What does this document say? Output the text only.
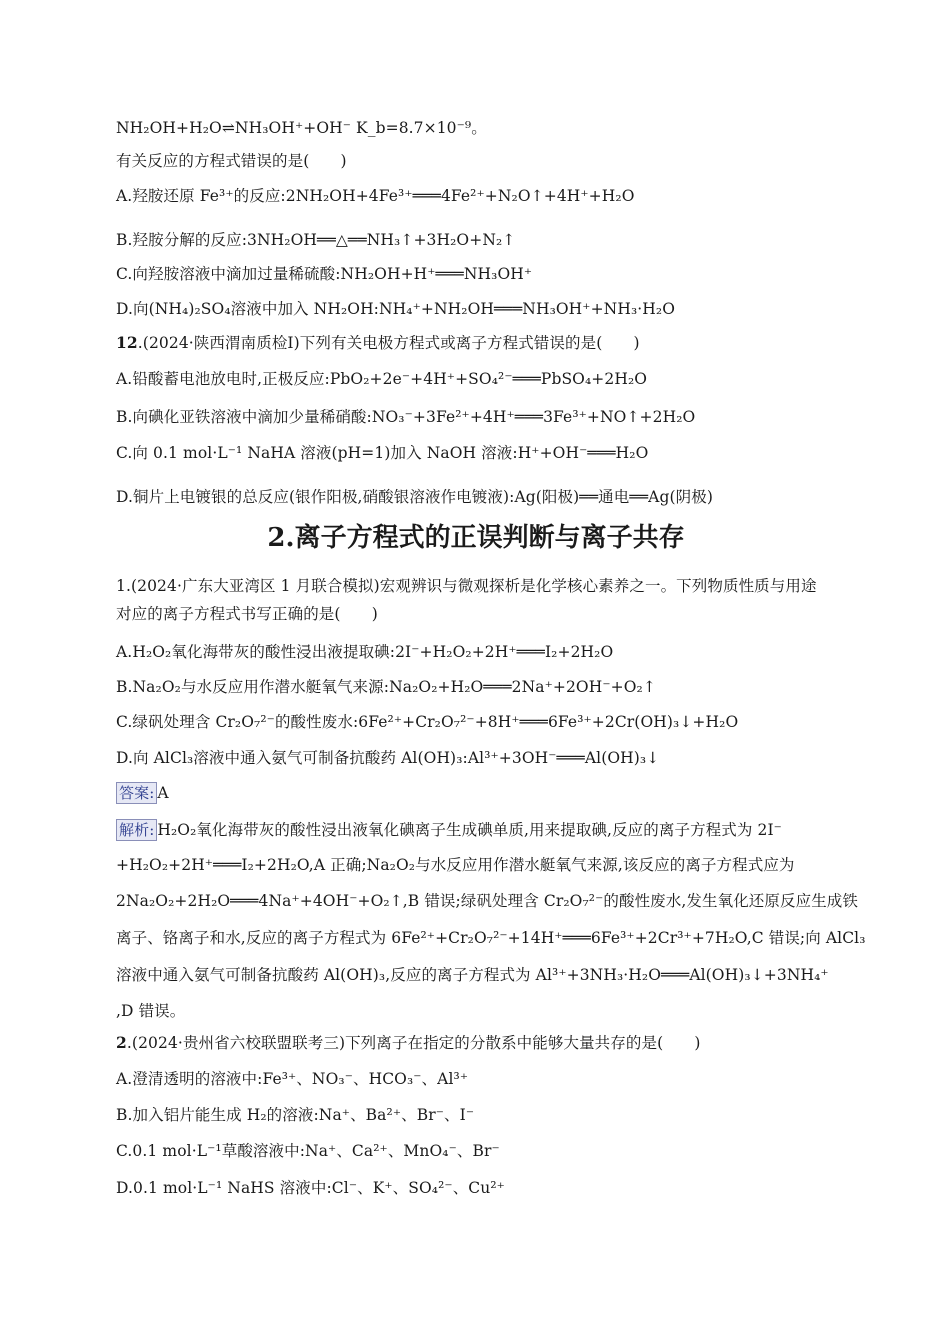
NH₂OH+H₂O⇌NH₃OH⁺+OH⁻ K_b=8.7×10⁻⁹。
有关反应的方程式错误的是(　　)
A.羟胺还原 Fe³⁺的反应:2NH₂OH+4Fe³⁺═══4Fe²⁺+N₂O↑+4H⁺+H₂O
B.羟胺分解的反应:3NH₂OH══△══NH₃↑+3H₂O+N₂↑
C.向羟胺溶液中滴加过量稀硫酸:NH₂OH+H⁺═══NH₃OH⁺
D.向(NH₄)₂SO₄溶液中加入 NH₂OH:NH₄⁺+NH₂OH═══NH₃OH⁺+NH₃·H₂O
12.(2024·陕西渭南质检Ⅰ)下列有关电极方程式或离子方程式错误的是(　　)
A.铅酸蓄电池放电时,正极反应:PbO₂+2e⁻+4H⁺+SO₄²⁻═══PbSO₄+2H₂O
B.向碘化亚铁溶液中滴加少量稀硝酸:NO₃⁻+3Fe²⁺+4H⁺═══3Fe³⁺+NO↑+2H₂O
C.向 0.1 mol·L⁻¹ NaHA 溶液(pH=1)加入 NaOH 溶液:H⁺+OH⁻═══H₂O
D.铜片上电镀银的总反应(银作阳极,硝酸银溶液作电镀液):Ag(阳极)══通电══Ag(阴极)
2.离子方程式的正误判断与离子共存
1.(2024·广东大亚湾区 1 月联合模拟)宏观辨识与微观探析是化学核心素养之一。下列物质性质与用途对应的离子方程式书写正确的是(　　)
A.H₂O₂氧化海带灰的酸性浸出液提取碘:2I⁻+H₂O₂+2H⁺═══I₂+2H₂O
B.Na₂O₂与水反应用作潜水艇氧气来源:Na₂O₂+H₂O═══2Na⁺+2OH⁻+O₂↑
C.绿矾处理含 Cr₂O₇²⁻的酸性废水:6Fe²⁺+Cr₂O₇²⁻+8H⁺═══6Fe³⁺+2Cr(OH)₃↓+H₂O
D.向 AlCl₃溶液中通入氨气可制备抗酸药 Al(OH)₃:Al³⁺+3OH⁻═══Al(OH)₃↓
答案: A
解析: H₂O₂氧化海带灰的酸性浸出液氧化碘离子生成碘单质,用来提取碘,反应的离子方程式为 2I⁻
+H₂O₂+2H⁺═══I₂+2H₂O,A 正确;Na₂O₂与水反应用作潜水艇氧气来源,该反应的离子方程式应为
2Na₂O₂+2H₂O═══4Na⁺+4OH⁻+O₂↑,B 错误;绿矾处理含 Cr₂O₇²⁻的酸性废水,发生氧化还原反应生成铁
离子、铬离子和水,反应的离子方程式为 6Fe²⁺+Cr₂O₇²⁻+14H⁺═══6Fe³⁺+2Cr³⁺+7H₂O,C 错误;向 AlCl₃
溶液中通入氨气可制备抗酸药 Al(OH)₃,反应的离子方程式为 Al³⁺+3NH₃·H₂O═══Al(OH)₃↓+3NH₄⁺
,D 错误。
2.(2024·贵州省六校联盟联考三)下列离子在指定的分散系中能够大量共存的是(　　)
A.澄清透明的溶液中:Fe³⁺、NO₃⁻、HCO₃⁻、Al³⁺
B.加入铝片能生成 H₂的溶液:Na⁺、Ba²⁺、Br⁻、I⁻
C.0.1 mol·L⁻¹草酸溶液中:Na⁺、Ca²⁺、MnO₄⁻、Br⁻
D.0.1 mol·L⁻¹ NaHS 溶液中:Cl⁻、K⁺、SO₄²⁻、Cu²⁺
